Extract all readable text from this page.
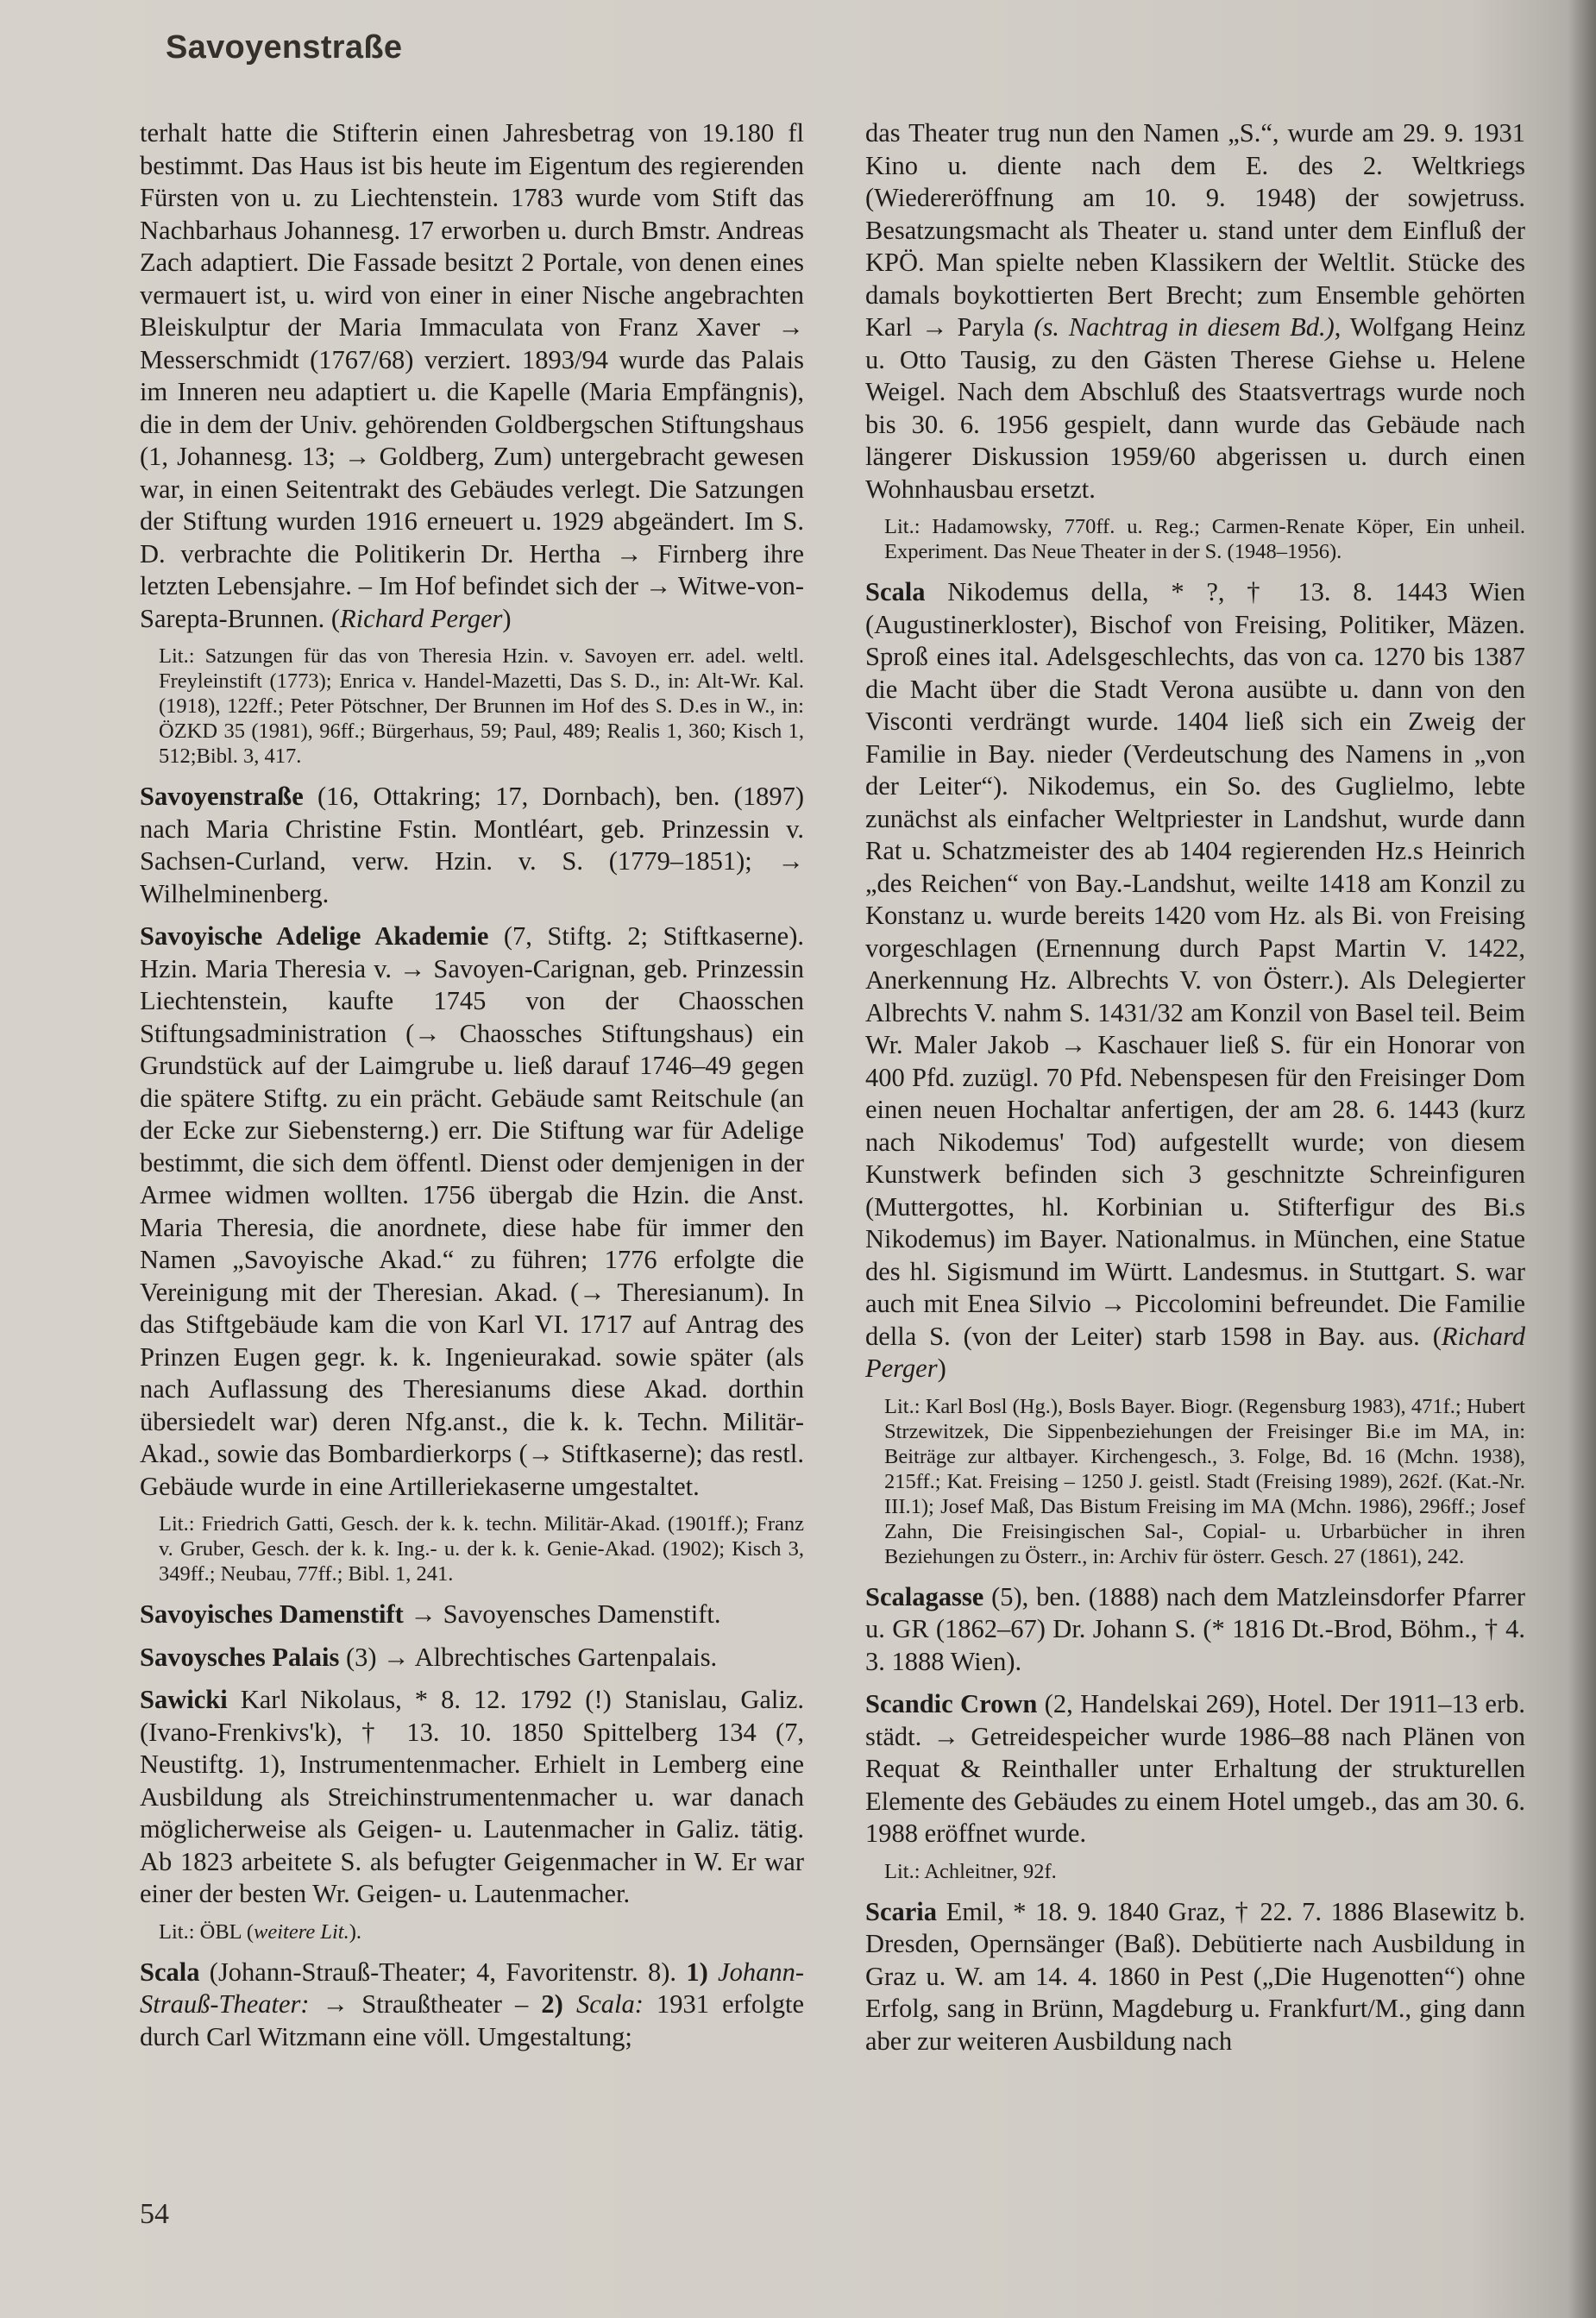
Savoyenstraße

terhalt hatte die Stifterin einen Jahresbetrag von 19.180 fl bestimmt. Das Haus ist bis heute im Eigentum des regierenden Fürsten von u. zu Liechtenstein. 1783 wurde vom Stift das Nachbarhaus Johannesg. 17 erworben u. durch Bmstr. Andreas Zach adaptiert. Die Fassade besitzt 2 Portale, von denen eines vermauert ist, u. wird von einer in einer Nische angebrachten Bleiskulptur der Maria Immaculata von Franz Xaver → Messerschmidt (1767/68) verziert. 1893/94 wurde das Palais im Inneren neu adaptiert u. die Kapelle (Maria Empfängnis), die in dem der Univ. gehörenden Goldbergschen Stiftungshaus (1, Johannesg. 13; → Goldberg, Zum) untergebracht gewesen war, in einen Seitentrakt des Gebäudes verlegt. Die Satzungen der Stiftung wurden 1916 erneuert u. 1929 abgeändert. Im S. D. verbrachte die Politikerin Dr. Hertha → Firnberg ihre letzten Lebensjahre. – Im Hof befindet sich der → Witwe-von-Sarepta-Brunnen. (Richard Perger)

Lit.: Satzungen für das von Theresia Hzin. v. Savoyen err. adel. weltl. Freyleinstift (1773); Enrica v. Handel-Mazetti, Das S. D., in: Alt-Wr. Kal. (1918), 122ff.; Peter Pötschner, Der Brunnen im Hof des S. D.es in W., in: ÖZKD 35 (1981), 96ff.; Bürgerhaus, 59; Paul, 489; Realis 1, 360; Kisch 1, 512;Bibl. 3, 417.

Savoyenstraße (16, Ottakring; 17, Dornbach), ben. (1897) nach Maria Christine Fstin. Montléart, geb. Prinzessin v. Sachsen-Curland, verw. Hzin. v. S. (1779–1851); → Wilhelminenberg.

Savoyische Adelige Akademie (7, Stiftg. 2; Stiftkaserne). Hzin. Maria Theresia v. → Savoyen-Carignan, geb. Prinzessin Liechtenstein, kaufte 1745 von der Chaosschen Stiftungsadministration (→ Chaossches Stiftungshaus) ein Grundstück auf der Laimgrube u. ließ darauf 1746–49 gegen die spätere Stiftg. zu ein prächt. Gebäude samt Reitschule (an der Ecke zur Siebensterng.) err. Die Stiftung war für Adelige bestimmt, die sich dem öffentl. Dienst oder demjenigen in der Armee widmen wollten. 1756 übergab die Hzin. die Anst. Maria Theresia, die anordnete, diese habe für immer den Namen „Savoyische Akad.“ zu führen; 1776 erfolgte die Vereinigung mit der Theresian. Akad. (→ Theresianum). In das Stiftgebäude kam die von Karl VI. 1717 auf Antrag des Prinzen Eugen gegr. k. k. Ingenieurakad. sowie später (als nach Auflassung des Theresianums diese Akad. dorthin übersiedelt war) deren Nfg.anst., die k. k. Techn. Militär-Akad., sowie das Bombardierkorps (→ Stiftkaserne); das restl. Gebäude wurde in eine Artilleriekaserne umgestaltet.

Lit.: Friedrich Gatti, Gesch. der k. k. techn. Militär-Akad. (1901ff.); Franz v. Gruber, Gesch. der k. k. Ing.- u. der k. k. Genie-Akad. (1902); Kisch 3, 349ff.; Neubau, 77ff.; Bibl. 1, 241.

Savoyisches Damenstift → Savoyensches Damenstift.

Savoysches Palais (3) → Albrechtisches Gartenpalais.

Sawicki Karl Nikolaus, * 8. 12. 1792 (!) Stanislau, Galiz. (Ivano-Frenkivs'k), † 13. 10. 1850 Spittelberg 134 (7, Neustiftg. 1), Instrumentenmacher. Erhielt in Lemberg eine Ausbildung als Streichinstrumentenmacher u. war danach möglicherweise als Geigen- u. Lautenmacher in Galiz. tätig. Ab 1823 arbeitete S. als befugter Geigenmacher in W. Er war einer der besten Wr. Geigen- u. Lautenmacher.

Lit.: ÖBL (weitere Lit.).

Scala (Johann-Strauß-Theater; 4, Favoritenstr. 8). 1) Johann-Strauß-Theater: → Straußtheater – 2) Scala: 1931 erfolgte durch Carl Witzmann eine völl. Umgestaltung;

das Theater trug nun den Namen „S.“, wurde am 29. 9. 1931 Kino u. diente nach dem E. des 2. Weltkriegs (Wiedereröffnung am 10. 9. 1948) der sowjetruss. Besatzungsmacht als Theater u. stand unter dem Einfluß der KPÖ. Man spielte neben Klassikern der Weltlit. Stücke des damals boykottierten Bert Brecht; zum Ensemble gehörten Karl → Paryla (s. Nachtrag in diesem Bd.), Wolfgang Heinz u. Otto Tausig, zu den Gästen Therese Giehse u. Helene Weigel. Nach dem Abschluß des Staatsvertrags wurde noch bis 30. 6. 1956 gespielt, dann wurde das Gebäude nach längerer Diskussion 1959/60 abgerissen u. durch einen Wohnhausbau ersetzt.

Lit.: Hadamowsky, 770ff. u. Reg.; Carmen-Renate Köper, Ein unheil. Experiment. Das Neue Theater in der S. (1948–1956).

Scala Nikodemus della, * ?, † 13. 8. 1443 Wien (Augustinerkloster), Bischof von Freising, Politiker, Mäzen. Sproß eines ital. Adelsgeschlechts, das von ca. 1270 bis 1387 die Macht über die Stadt Verona ausübte u. dann von den Visconti verdrängt wurde. 1404 ließ sich ein Zweig der Familie in Bay. nieder (Verdeutschung des Namens in „von der Leiter“). Nikodemus, ein So. des Guglielmo, lebte zunächst als einfacher Weltpriester in Landshut, wurde dann Rat u. Schatzmeister des ab 1404 regierenden Hz.s Heinrich „des Reichen“ von Bay.-Landshut, weilte 1418 am Konzil zu Konstanz u. wurde bereits 1420 vom Hz. als Bi. von Freising vorgeschlagen (Ernennung durch Papst Martin V. 1422, Anerkennung Hz. Albrechts V. von Österr.). Als Delegierter Albrechts V. nahm S. 1431/32 am Konzil von Basel teil. Beim Wr. Maler Jakob → Kaschauer ließ S. für ein Honorar von 400 Pfd. zuzügl. 70 Pfd. Nebenspesen für den Freisinger Dom einen neuen Hochaltar anfertigen, der am 28. 6. 1443 (kurz nach Nikodemus' Tod) aufgestellt wurde; von diesem Kunstwerk befinden sich 3 geschnitzte Schreinfiguren (Muttergottes, hl. Korbinian u. Stifterfigur des Bi.s Nikodemus) im Bayer. Nationalmus. in München, eine Statue des hl. Sigismund im Württ. Landesmus. in Stuttgart. S. war auch mit Enea Silvio → Piccolomini befreundet. Die Familie della S. (von der Leiter) starb 1598 in Bay. aus. (Richard Perger)

Lit.: Karl Bosl (Hg.), Bosls Bayer. Biogr. (Regensburg 1983), 471f.; Hubert Strzewitzek, Die Sippenbeziehungen der Freisinger Bi.e im MA, in: Beiträge zur altbayer. Kirchengesch., 3. Folge, Bd. 16 (Mchn. 1938), 215ff.; Kat. Freising – 1250 J. geistl. Stadt (Freising 1989), 262f. (Kat.-Nr. III.1); Josef Maß, Das Bistum Freising im MA (Mchn. 1986), 296ff.; Josef Zahn, Die Freisingischen Sal-, Copial- u. Urbarbücher in ihren Beziehungen zu Österr., in: Archiv für österr. Gesch. 27 (1861), 242.

Scalagasse (5), ben. (1888) nach dem Matzleinsdorfer Pfarrer u. GR (1862–67) Dr. Johann S. (* 1816 Dt.-Brod, Böhm., † 4. 3. 1888 Wien).

Scandic Crown (2, Handelskai 269), Hotel. Der 1911–13 erb. städt. → Getreidespeicher wurde 1986–88 nach Plänen von Requat & Reinthaller unter Erhaltung der strukturellen Elemente des Gebäudes zu einem Hotel umgeb., das am 30. 6. 1988 eröffnet wurde.

Lit.: Achleitner, 92f.

Scaria Emil, * 18. 9. 1840 Graz, † 22. 7. 1886 Blasewitz b. Dresden, Opernsänger (Baß). Debütierte nach Ausbildung in Graz u. W. am 14. 4. 1860 in Pest („Die Hugenotten“) ohne Erfolg, sang in Brünn, Magdeburg u. Frankfurt/M., ging dann aber zur weiteren Ausbildung nach

54
